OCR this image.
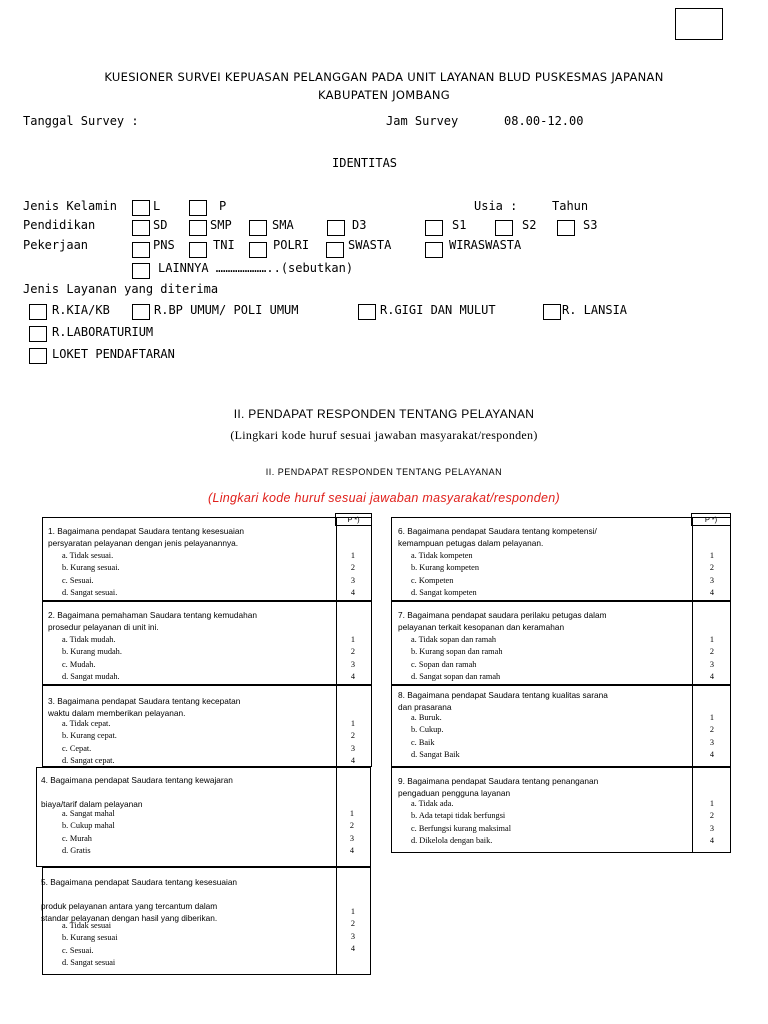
KUESIONER SURVEI KEPUASAN PELANGGAN PADA UNIT LAYANAN BLUD PUSKESMAS JAPANAN
KABUPATEN JOMBANG
Tanggal Survey :	Jam Survey	08.00-12.00
IDENTITAS
Jenis Kelamin	L	P	Usia :	Tahun
Pendidikan	SD	SMP	SMA	D3	S1	S2	S3
Pekerjaan	PNS	TNI	POLRI	SWASTA	WIRASWASTA
LAINNYA …………………..(sebutkan)
Jenis Layanan yang diterima
R.KIA/KB	R.BP UMUM/ POLI UMUM	R.GIGI DAN MULUT	R. LANSIA
R.LABORATURIUM
LOKET PENDAFTARAN
II. PENDAPAT RESPONDEN TENTANG PELAYANAN
(Lingkari kode huruf sesuai jawaban masyarakat/responden)
II. PENDAPAT RESPONDEN TENTANG PELAYANAN
(Lingkari kode huruf sesuai jawaban masyarakat/responden)
P *)	P *)
1. Bagaimana pendapat Saudara tentang kesesuaian
persyaratan pelayanan dengan jenis pelayanannya.
a. Tidak sesuai.
b. Kurang sesuai.
c. Sesuai.
d. Sangat sesuai.
1
2
3
4
2. Bagaimana pemahaman Saudara tentang kemudahan
prosedur pelayanan di unit ini.
a. Tidak mudah.
b. Kurang mudah.
c. Mudah.
d. Sangat mudah.
1
2
3
4
3. Bagaimana pendapat Saudara tentang kecepatan
waktu dalam memberikan pelayanan.
a. Tidak cepat.
b. Kurang cepat.
c. Cepat.
d. Sangat cepat.
1
2
3
4
4. Bagaimana pendapat Saudara tentang kewajaran

biaya/tarif dalam pelayanan
a. Sangat mahal
b. Cukup mahal
c. Murah
d. Gratis
1
2
3
4
5. Bagaimana pendapat Saudara tentang kesesuaian

produk pelayanan antara yang tercantum dalam
standar pelayanan dengan hasil yang diberikan.
a. Tidak sesuai
b. Kurang sesuai
c. Sesuai.
d. Sangat sesuai
1
2
3
4
6. Bagaimana pendapat Saudara tentang kompetensi/
kemampuan petugas dalam pelayanan.
a. Tidak kompeten
b. Kurang kompeten
c. Kompeten
d. Sangat kompeten
1
2
3
4
7. Bagaimana pendapat saudara perilaku petugas dalam
pelayanan terkait kesopanan dan keramahan
a. Tidak sopan dan ramah
b. Kurang sopan dan ramah
c. Sopan dan ramah
d. Sangat sopan dan ramah
1
2
3
4
8. Bagaimana pendapat Saudara tentang kualitas sarana
dan prasarana
a. Buruk.
b. Cukup.
c. Baik
d. Sangat Baik
1
2
3
4
9. Bagaimana pendapat Saudara tentang penanganan
pengaduan pengguna layanan
a. Tidak ada.
b. Ada tetapi tidak berfungsi
c. Berfungsi kurang maksimal
d. Dikelola dengan baik.
1
2
3
4
